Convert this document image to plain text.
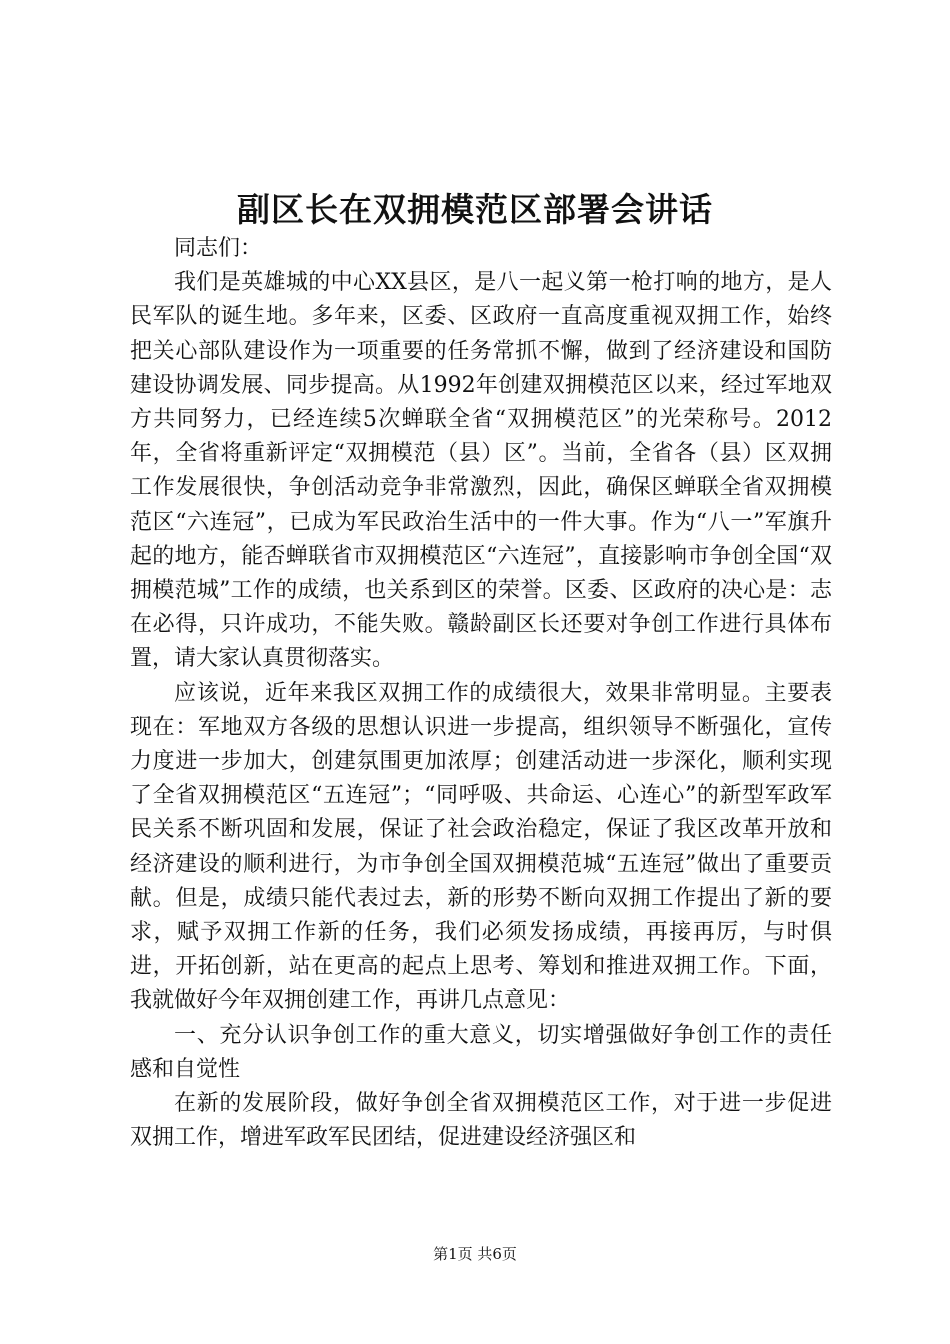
副区长在双拥模范区部署会讲话

同志们：

我们是英雄城的中心XX县区，是八一起义第一枪打响的地方，是人民军队的诞生地。多年来，区委、区政府一直高度重视双拥工作，始终把关心部队建设作为一项重要的任务常抓不懈，做到了经济建设和国防建设协调发展、同步提高。从1992年创建双拥模范区以来，经过军地双方共同努力，已经连续5次蝉联全省“双拥模范区”的光荣称号。2012年，全省将重新评定“双拥模范（县）区”。当前，全省各（县）区双拥工作发展很快，争创活动竞争非常激烈，因此，确保区蝉联全省双拥模范区“六连冠”，已成为军民政治生活中的一件大事。作为“八一”军旗升起的地方，能否蝉联省市双拥模范区“六连冠”，直接影响市争创全国“双拥模范城”工作的成绩，也关系到区的荣誉。区委、区政府的决心是：志在必得，只许成功，不能失败。赣龄副区长还要对争创工作进行具体布置，请大家认真贯彻落实。

应该说，近年来我区双拥工作的成绩很大，效果非常明显。主要表现在：军地双方各级的思想认识进一步提高，组织领导不断强化，宣传力度进一步加大，创建氛围更加浓厚；创建活动进一步深化，顺利实现了全省双拥模范区“五连冠”；“同呼吸、共命运、心连心”的新型军政军民关系不断巩固和发展，保证了社会政治稳定，保证了我区改革开放和经济建设的顺利进行，为市争创全国双拥模范城“五连冠”做出了重要贡献。但是，成绩只能代表过去，新的形势不断向双拥工作提出了新的要求，赋予双拥工作新的任务，我们必须发扬成绩，再接再厉，与时俱进，开拓创新，站在更高的起点上思考、筹划和推进双拥工作。下面，我就做好今年双拥创建工作，再讲几点意见：

一、充分认识争创工作的重大意义，切实增强做好争创工作的责任感和自觉性

在新的发展阶段，做好争创全省双拥模范区工作，对于进一步促进双拥工作，增进军政军民团结，促进建设经济强区和

第1页 共6页
